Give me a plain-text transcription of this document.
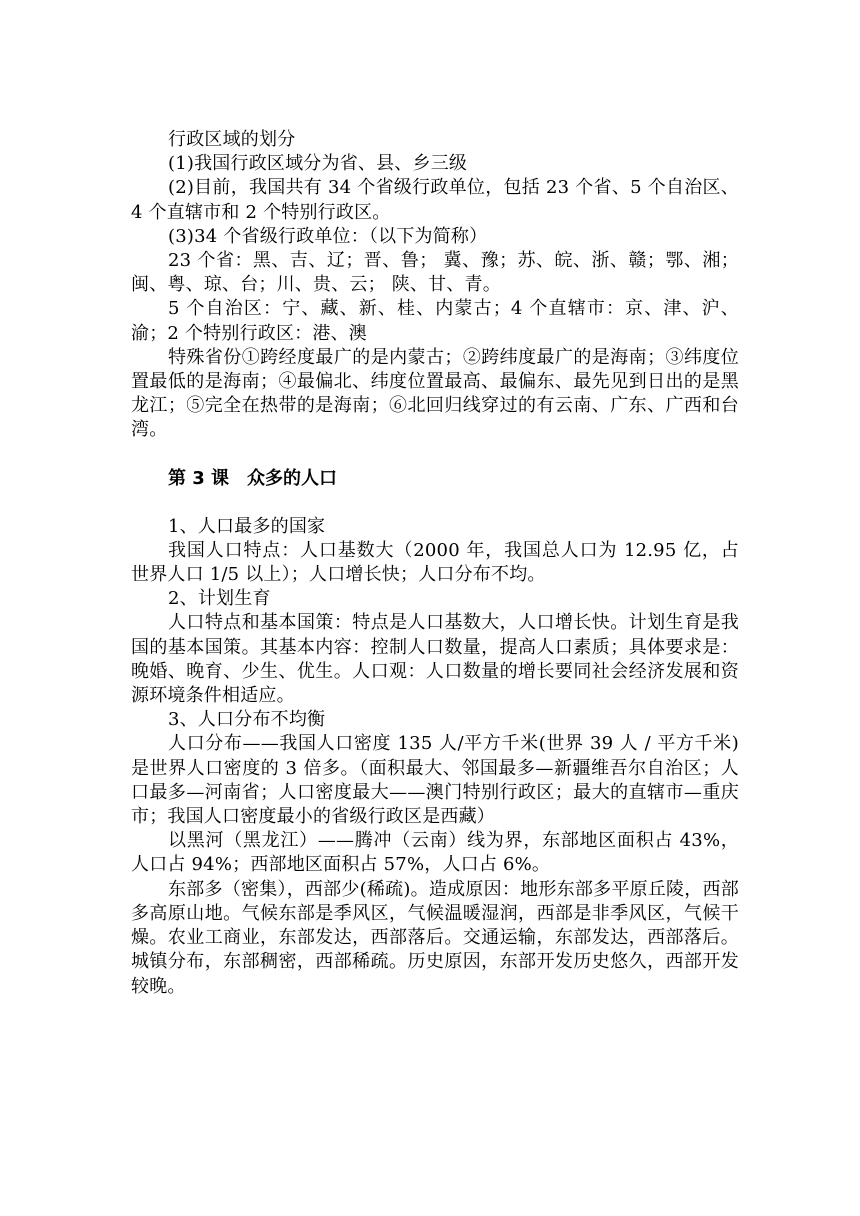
行政区域的划分

(1)我国行政区域分为省、县、乡三级

(2)目前，我国共有 34 个省级行政单位，包括 23 个省、5 个自治区、4 个直辖市和 2 个特别行政区。

(3)34 个省级行政单位：（以下为简称）

23 个省：黑、吉、辽；晋、鲁； 冀、豫；苏、皖、浙、赣；鄂、湘； 闽、粤、琼、台；川、贵、云； 陕、甘、青。

5 个自治区：宁、藏、新、桂、内蒙古；4 个直辖市：京、津、沪、渝；2 个特别行政区：港、澳

特殊省份①跨经度最广的是内蒙古；②跨纬度最广的是海南；③纬度位置最低的是海南；④最偏北、纬度位置最高、最偏东、最先见到日出的是黑龙江；⑤完全在热带的是海南；⑥北回归线穿过的有云南、广东、广西和台湾。

第 3 课　众多的人口

1、人口最多的国家

我国人口特点：人口基数大（2000 年，我国总人口为 12.95 亿，占世界人口 1/5 以上）；人口增长快；人口分布不均。

2、计划生育

人口特点和基本国策：特点是人口基数大，人口增长快。计划生育是我国的基本国策。其基本内容：控制人口数量，提高人口素质；具体要求是：晚婚、晚育、少生、优生。人口观：人口数量的增长要同社会经济发展和资源环境条件相适应。

3、人口分布不均衡

人口分布——我国人口密度 135 人/平方千米(世界 39 人 / 平方千米) 是世界人口密度的 3 倍多。（面积最大、邻国最多—新疆维吾尔自治区；人口最多—河南省；人口密度最大——澳门特别行政区；最大的直辖市—重庆市；我国人口密度最小的省级行政区是西藏）

以黑河（黑龙江）——腾冲（云南）线为界，东部地区面积占 43%，人口占 94%；西部地区面积占 57%，人口占 6%。

东部多（密集），西部少(稀疏)。造成原因：地形东部多平原丘陵，西部多高原山地。气候东部是季风区，气候温暖湿润，西部是非季风区，气候干燥。农业工商业，东部发达，西部落后。交通运输，东部发达，西部落后。城镇分布，东部稠密，西部稀疏。历史原因，东部开发历史悠久，西部开发较晚。
